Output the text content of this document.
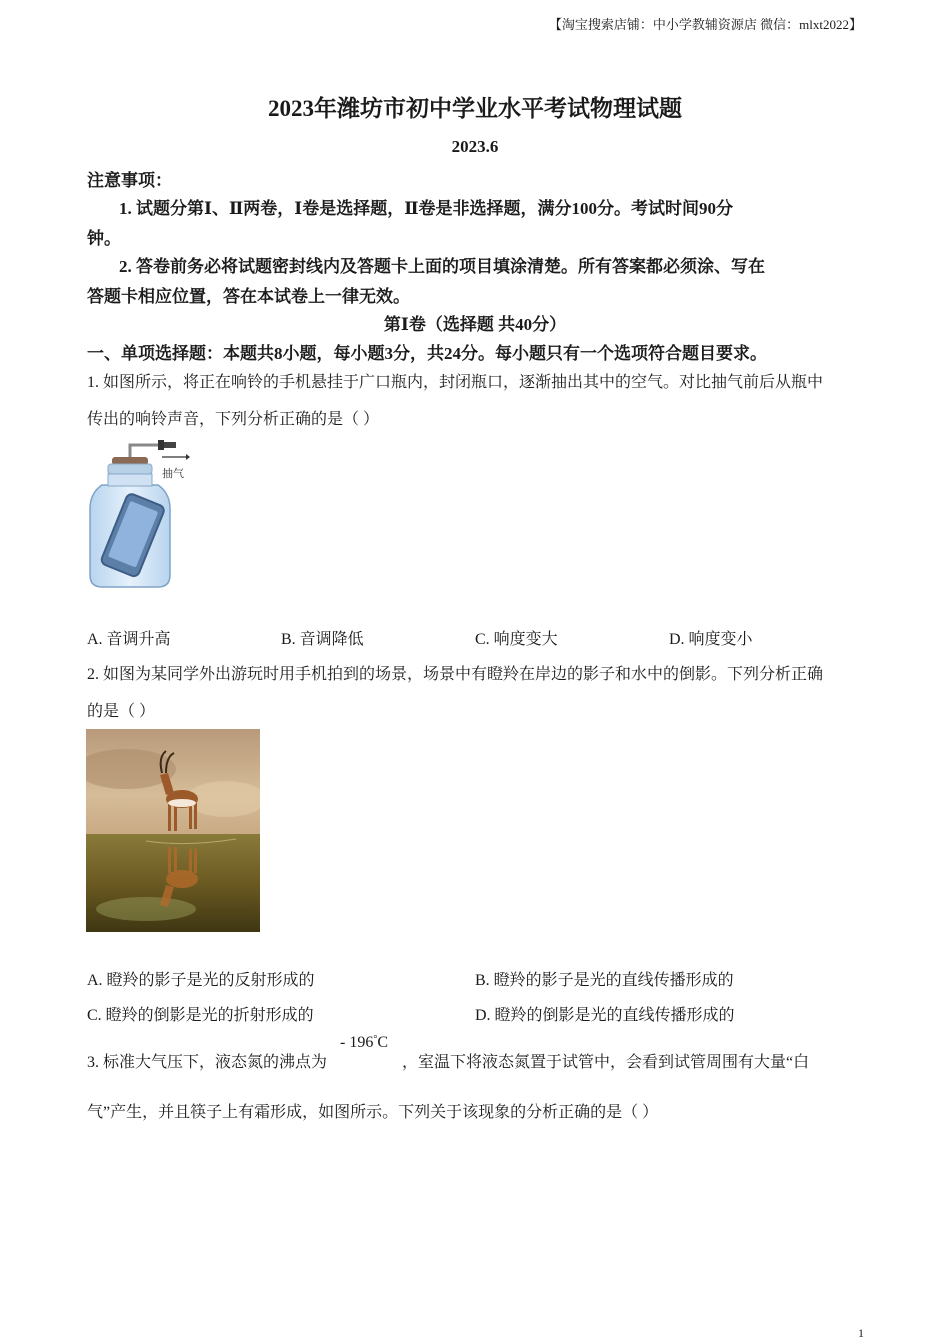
【淘宝搜索店铺：中小学教辅资源店 微信：mlxt2022】
2023年潍坊市初中学业水平考试物理试题
2023.6
注意事项：
1. 试题分第Ⅰ、Ⅱ两卷，Ⅰ卷是选择题，Ⅱ卷是非选择题，满分100分。考试时间90分
钟。
2. 答卷前务必将试题密封线内及答题卡上面的项目填涂清楚。所有答案都必须涂、写在
答题卡相应位置，答在本试卷上一律无效。
第Ⅰ卷（选择题 共40分）
一、单项选择题：本题共8小题，每小题3分，共24分。每小题只有一个选项符合题目要求。
1. 如图所示，将正在响铃的手机悬挂于广口瓶内，封闭瓶口，逐渐抽出其中的空气。对比抽气前后从瓶中
传出的响铃声音，下列分析正确的是（ ）
抽气
A. 音调升高	B. 音调降低	C. 响度变大	D. 响度变小
2. 如图为某同学外出游玩时用手机拍到的场景，场景中有瞪羚在岸边的影子和水中的倒影。下列分析正确
的是（ ）
A. 瞪羚的影子是光的反射形成的	B. 瞪羚的影子是光的直线传播形成的
C. 瞪羚的倒影是光的折射形成的	D. 瞪羚的倒影是光的直线传播形成的
3. 标准大气压下，液态氮的沸点为
- 196°C
，室温下将液态氮置于试管中，会看到试管周围有大量“白
气”产生，并且筷子上有霜形成，如图所示。下列关于该现象的分析正确的是（ ）
1
